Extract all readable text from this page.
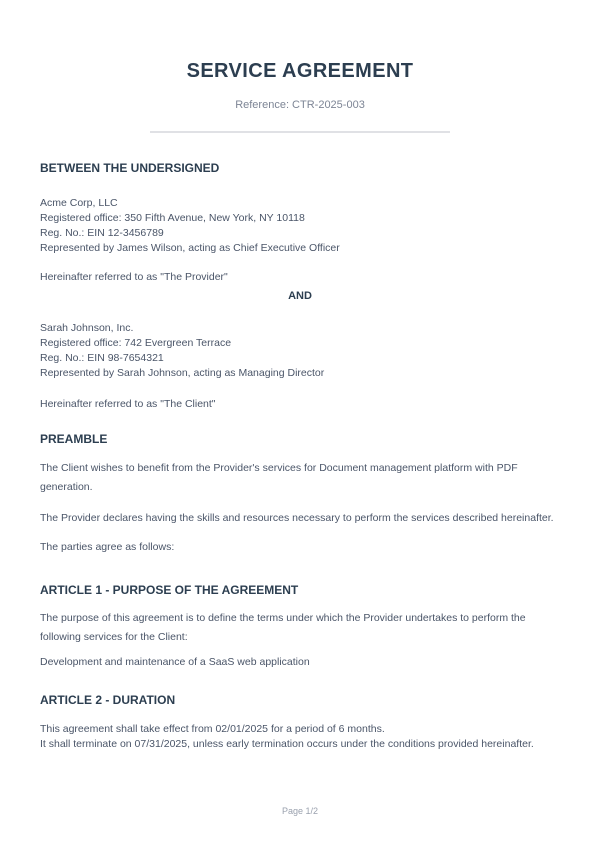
SERVICE AGREEMENT
Reference: CTR-2025-003
BETWEEN THE UNDERSIGNED
Acme Corp, LLC
Registered office: 350 Fifth Avenue, New York, NY 10118
Reg. No.: EIN 12-3456789
Represented by James Wilson, acting as Chief Executive Officer

Hereinafter referred to as "The Provider"

AND
Sarah Johnson, Inc.
Registered office: 742 Evergreen Terrace
Reg. No.: EIN 98-7654321
Represented by Sarah Johnson, acting as Managing Director

Hereinafter referred to as "The Client"

PREAMBLE

The Client wishes to benefit from the Provider's services for Document management platform with PDF generation.

The Provider declares having the skills and resources necessary to perform the services described hereinafter.

The parties agree as follows:

ARTICLE 1 - PURPOSE OF THE AGREEMENT

The purpose of this agreement is to define the terms under which the Provider undertakes to perform the following services for the Client:

Development and maintenance of a SaaS web application

ARTICLE 2 - DURATION
This agreement shall take effect from 02/01/2025 for a period of 6 months.
It shall terminate on 07/31/2025, unless early termination occurs under the conditions provided hereinafter.
Page 1/2
